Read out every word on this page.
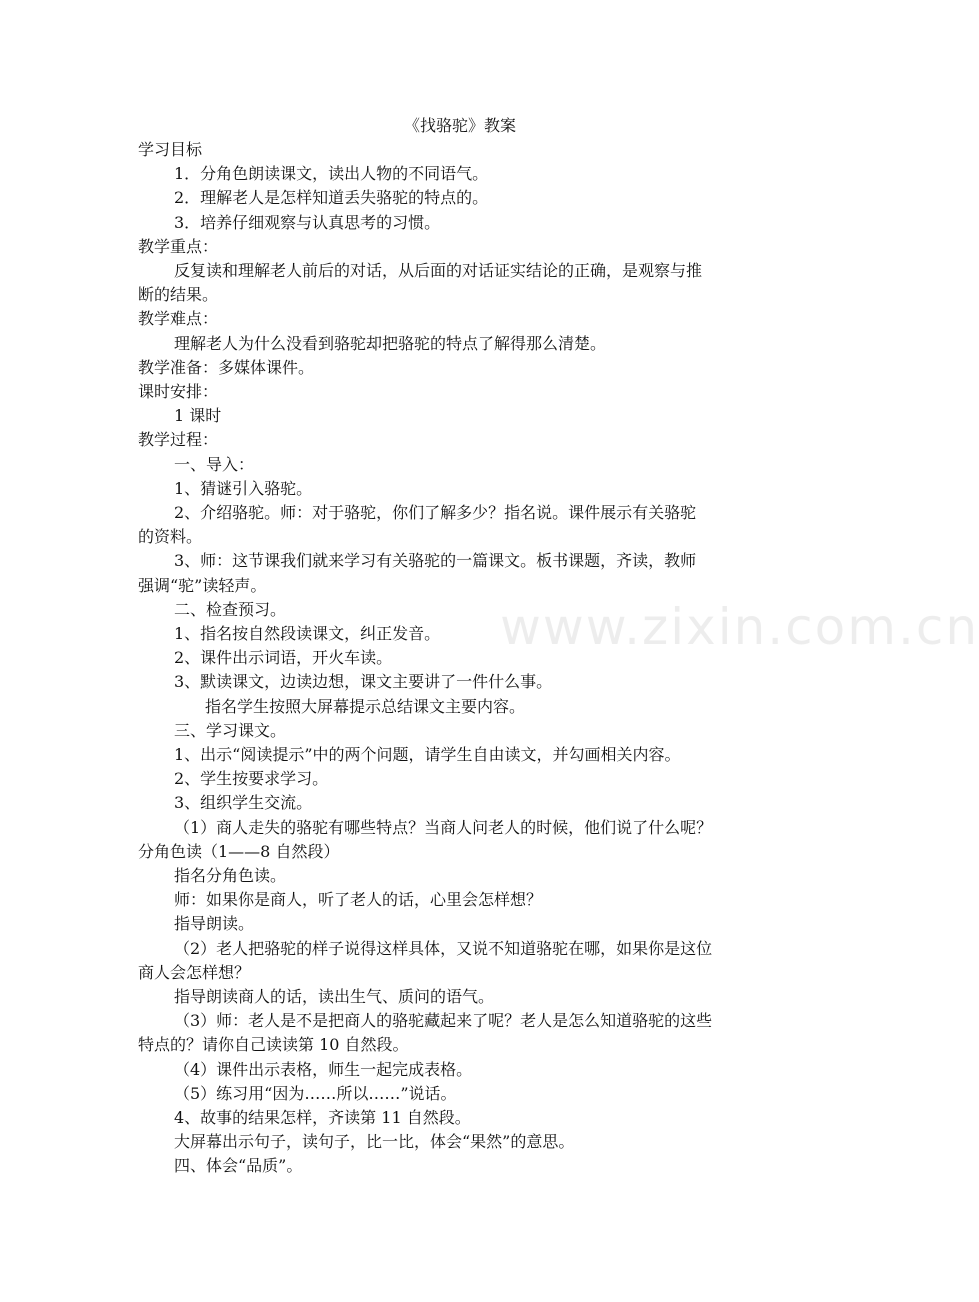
《找骆驼》教案
学习目标
1．分角色朗读课文，读出人物的不同语气。
2．理解老人是怎样知道丢失骆驼的特点的。
3．培养仔细观察与认真思考的习惯。
教学重点：
反复读和理解老人前后的对话，从后面的对话证实结论的正确，是观察与推
断的结果。
教学难点：
理解老人为什么没看到骆驼却把骆驼的特点了解得那么清楚。
教学准备：多媒体课件。
课时安排：
1 课时
教学过程：
一、导入：
1、猜谜引入骆驼。
2、介绍骆驼。师：对于骆驼，你们了解多少？指名说。课件展示有关骆驼
的资料。
3、师：这节课我们就来学习有关骆驼的一篇课文。板书课题，齐读，教师
强调“驼”读轻声。
二、检查预习。
1、指名按自然段读课文，纠正发音。
2、课件出示词语，开火车读。
3、默读课文，边读边想，课文主要讲了一件什么事。
指名学生按照大屏幕提示总结课文主要内容。
三、学习课文。
1、出示“阅读提示”中的两个问题，请学生自由读文，并勾画相关内容。
2、学生按要求学习。
3、组织学生交流。
（1）商人走失的骆驼有哪些特点？当商人问老人的时候，他们说了什么呢？
分角色读（1——8 自然段）
指名分角色读。
师：如果你是商人，听了老人的话，心里会怎样想？
指导朗读。
（2）老人把骆驼的样子说得这样具体，又说不知道骆驼在哪，如果你是这位
商人会怎样想？
指导朗读商人的话，读出生气、质问的语气。
（3）师：老人是不是把商人的骆驼藏起来了呢？老人是怎么知道骆驼的这些
特点的？请你自己读读第 10 自然段。
（4）课件出示表格，师生一起完成表格。
（5）练习用“因为……所以……”说话。
4、故事的结果怎样，齐读第 11 自然段。
大屏幕出示句子，读句子，比一比，体会“果然”的意思。
四、体会“品质”。
www.zixin.com.cn
